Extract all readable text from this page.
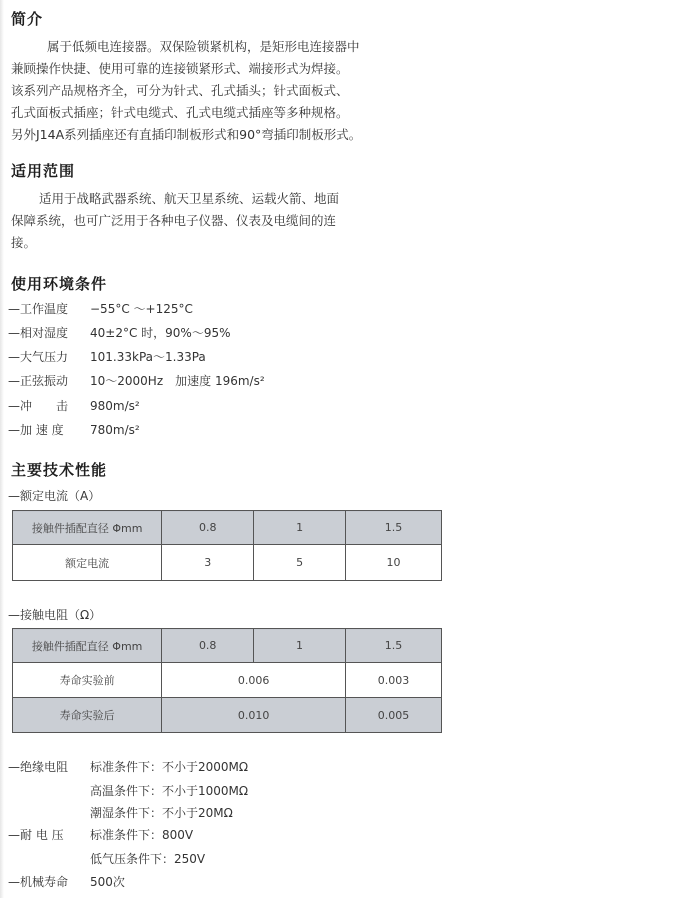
简介

属于低频电连接器。双保险锁紧机构，是矩形电连接器中

兼顾操作快捷、使用可靠的连接锁紧形式、端接形式为焊接。

该系列产品规格齐全，可分为针式、孔式插头；针式面板式、

孔式面板式插座；针式电缆式、孔式电缆式插座等多种规格。

另外J14A系列插座还有直插印制板形式和90°弯插印制板形式。

适用范围

适用于战略武器系统、航天卫星系统、运载火箭、地面

保障系统，也可广泛用于各种电子仪器、仪表及电缆间的连

接。

使用环境条件
—工作温度 −55°C ～+125°C
—相对湿度 40±2°C 时，90%～95%
—大气压力 101.33kPa～1.33Pa
—正弦振动 10～2000Hz　加速度 196m/s²
—冲　　击 980m/s²
—加 速 度 780m/s²
主要技术性能
—额定电流（A）
接触件插配直径 Φmm	0.8	1	1.5
额定电流	3	5	10
—接触电阻（Ω）
接触件插配直径 Φmm	0.8	1	1.5
寿命实验前	0.006		0.003
寿命实验后	0.010		0.005
—绝缘电阻 标准条件下：不小于2000MΩ
高温条件下：不小于1000MΩ
潮湿条件下：不小于20MΩ
—耐 电 压 标准条件下：800V
低气压条件下：250V
—机械寿命 500次
